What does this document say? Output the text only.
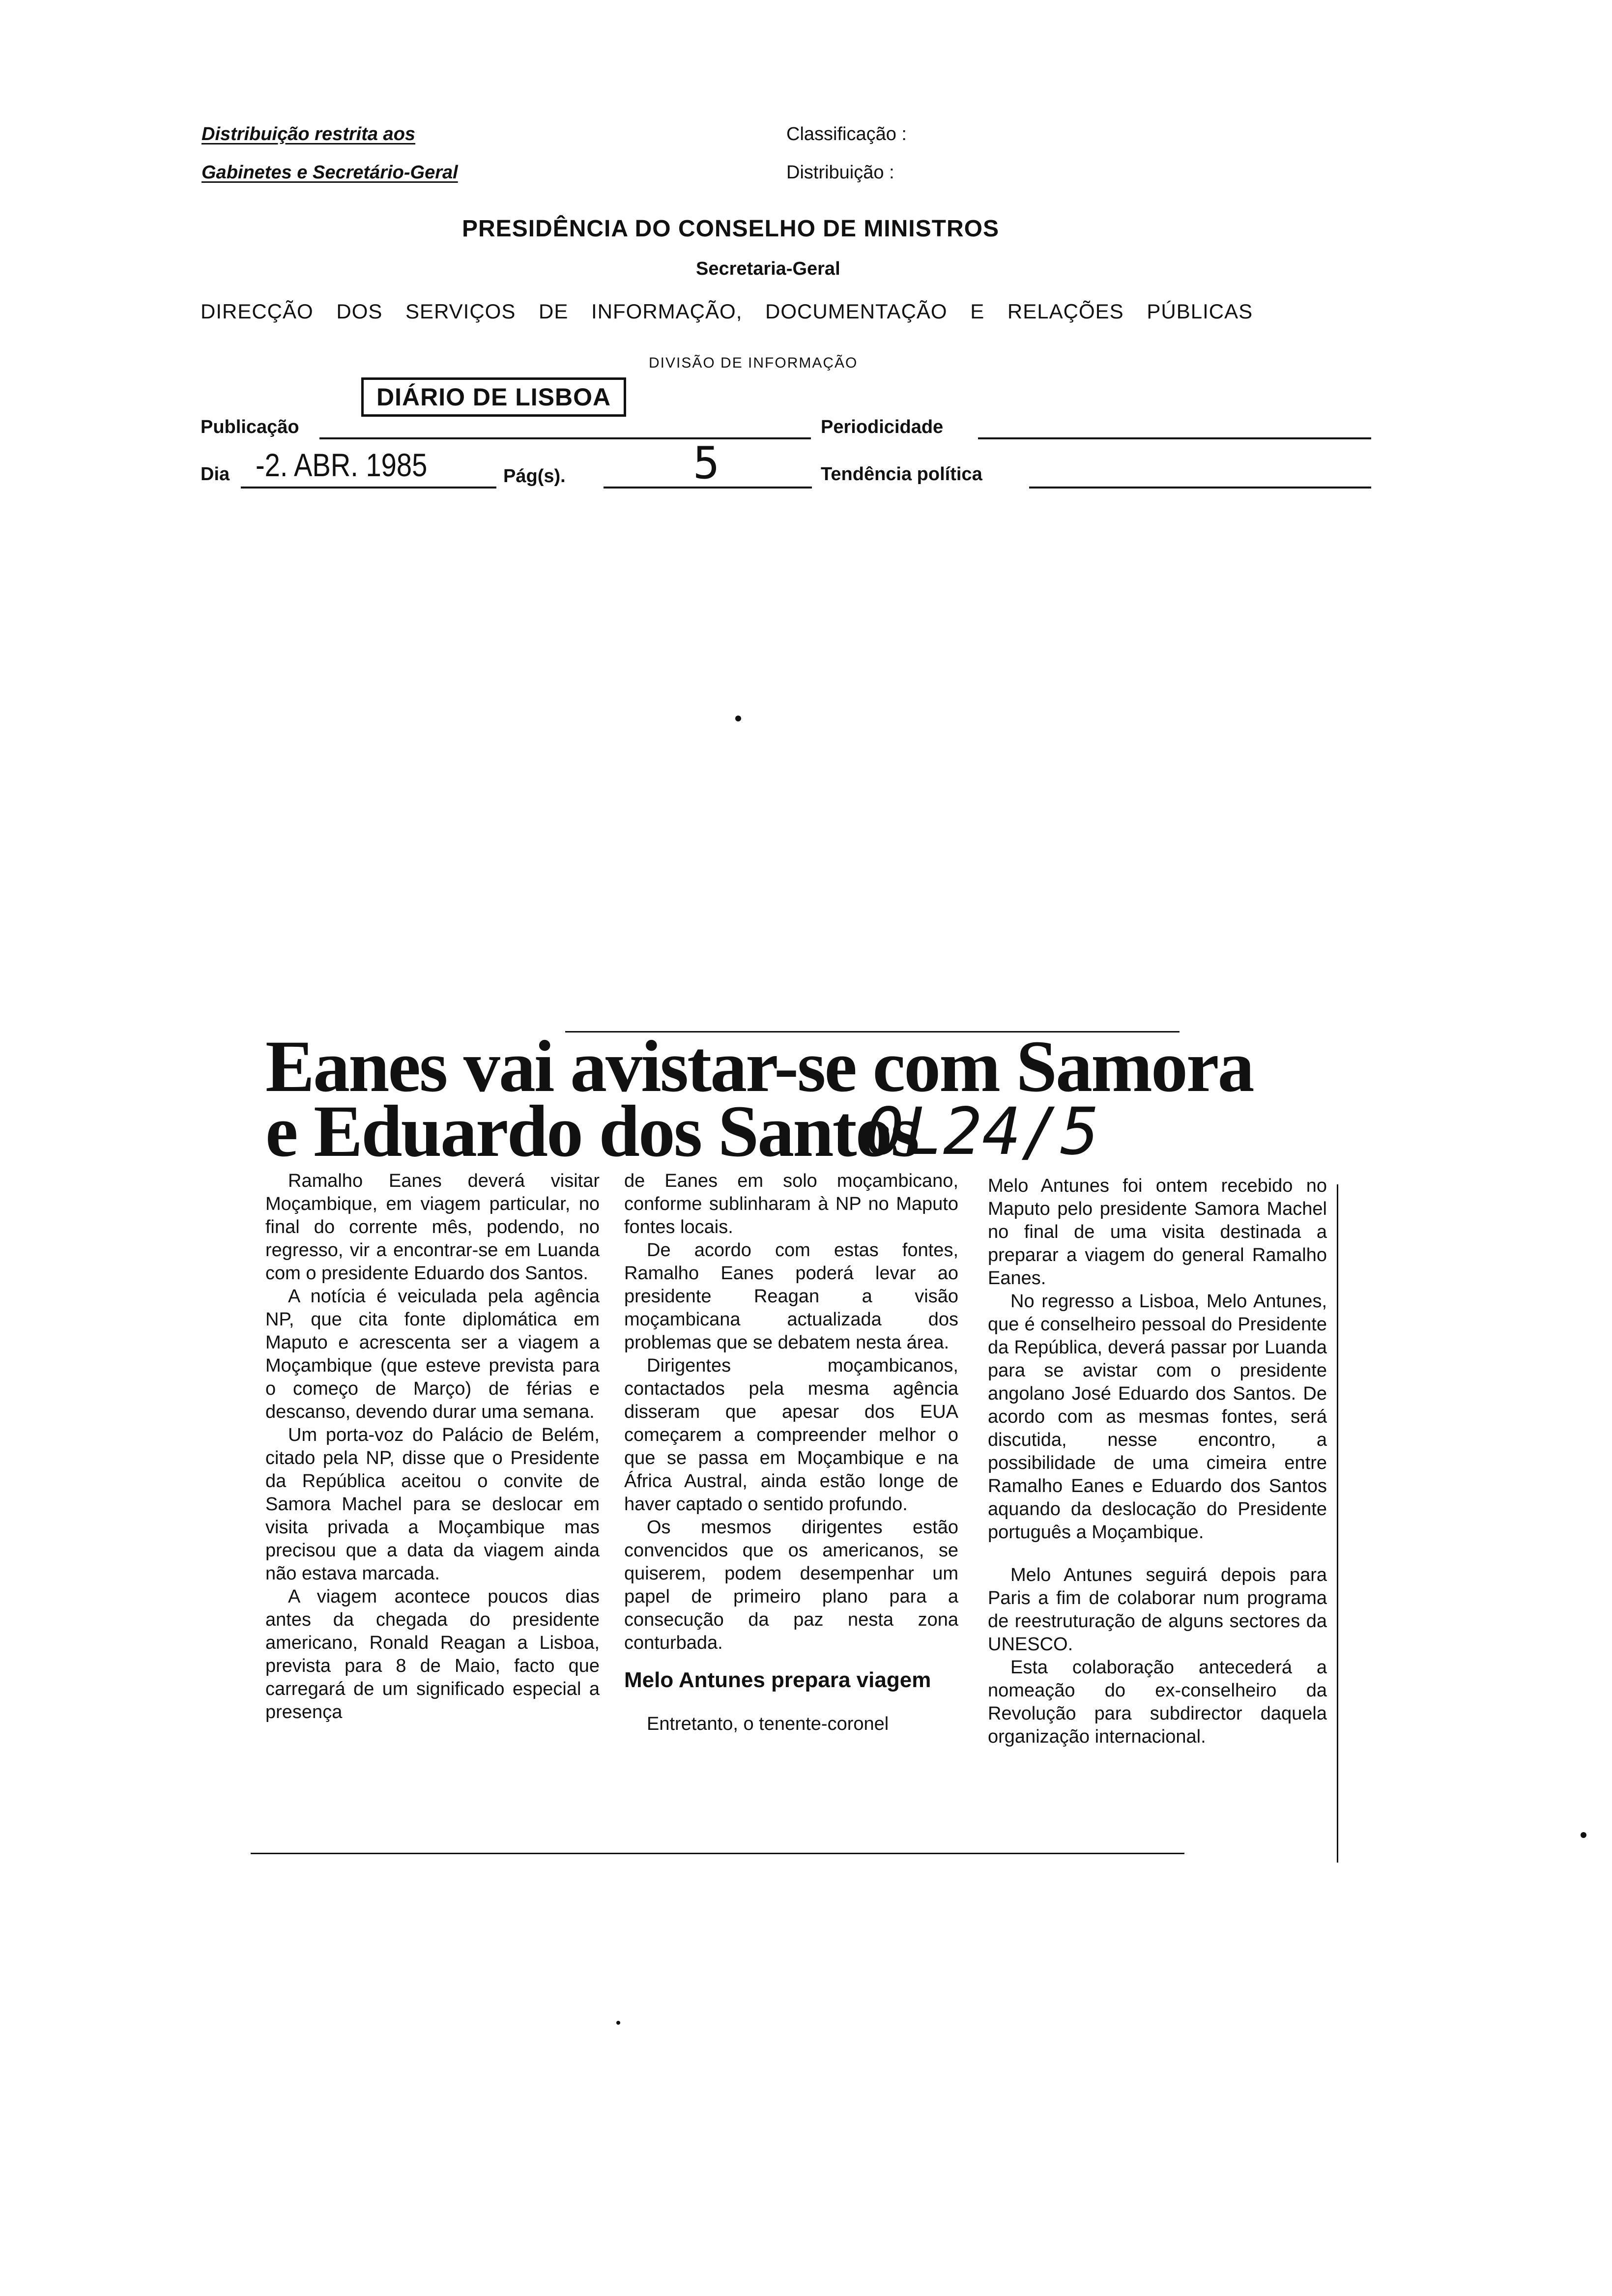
Distribuição restrita aos
Gabinetes e Secretário-Geral
Classificação :
Distribuição :
PRESIDÊNCIA DO CONSELHO DE MINISTROS
Secretaria-Geral
DIRECÇÃO DOS SERVIÇOS DE INFORMAÇÃO, DOCUMENTAÇÃO E RELAÇÕES PÚBLICAS
DIVISÃO DE INFORMAÇÃO
Publicação
DIÁRIO DE LISBOA
Periodicidade
Dia -2. ABR. 1985	Pág(s).	5	Tendência política
Eanes vai avistar-se com Samora
e Eduardo dos Santos
0L24/5

Ramalho Eanes deverá visitar Moçambique, em viagem particular, no final do corrente mês, podendo, no regresso, vir a encontrar-se em Luanda com o presidente Eduardo dos Santos.

A notícia é veiculada pela agência NP, que cita fonte diplomática em Maputo e acrescenta ser a viagem a Moçambique (que esteve prevista para o começo de Março) de férias e descanso, devendo durar uma semana.

Um porta-voz do Palácio de Belém, citado pela NP, disse que o Presidente da República aceitou o convite de Samora Machel para se deslocar em visita privada a Moçambique mas precisou que a data da viagem ainda não estava marcada.

A viagem acontece poucos dias antes da chegada do presidente americano, Ronald Reagan a Lisboa, prevista para 8 de Maio, facto que carregará de um significado especial a presença

de Eanes em solo moçambicano, conforme sublinharam à NP no Maputo fontes locais.

De acordo com estas fontes, Ramalho Eanes poderá levar ao presidente Reagan a visão moçambicana actualizada dos problemas que se debatem nesta área.

Dirigentes moçambicanos, contactados pela mesma agência disseram que apesar dos EUA começarem a compreender melhor o que se passa em Moçambique e na África Austral, ainda estão longe de haver captado o sentido profundo.

Os mesmos dirigentes estão convencidos que os americanos, se quiserem, podem desempenhar um papel de primeiro plano para a consecução da paz nesta zona conturbada.

Melo Antunes prepara viagem

Entretanto, o tenente-coronel

Melo Antunes foi ontem recebido no Maputo pelo presidente Samora Machel no final de uma visita destinada a preparar a viagem do general Ramalho Eanes.

No regresso a Lisboa, Melo Antunes, que é conselheiro pessoal do Presidente da República, deverá passar por Luanda para se avistar com o presidente angolano José Eduardo dos Santos. De acordo com as mesmas fontes, será discutida, nesse encontro, a possibilidade de uma cimeira entre Ramalho Eanes e Eduardo dos Santos aquando da deslocação do Presidente português a Moçambique.

Melo Antunes seguirá depois para Paris a fim de colaborar num programa de reestruturação de alguns sectores da UNESCO.

Esta colaboração antecederá a nomeação do ex-conselheiro da Revolução para subdirector daquela organização internacional.
